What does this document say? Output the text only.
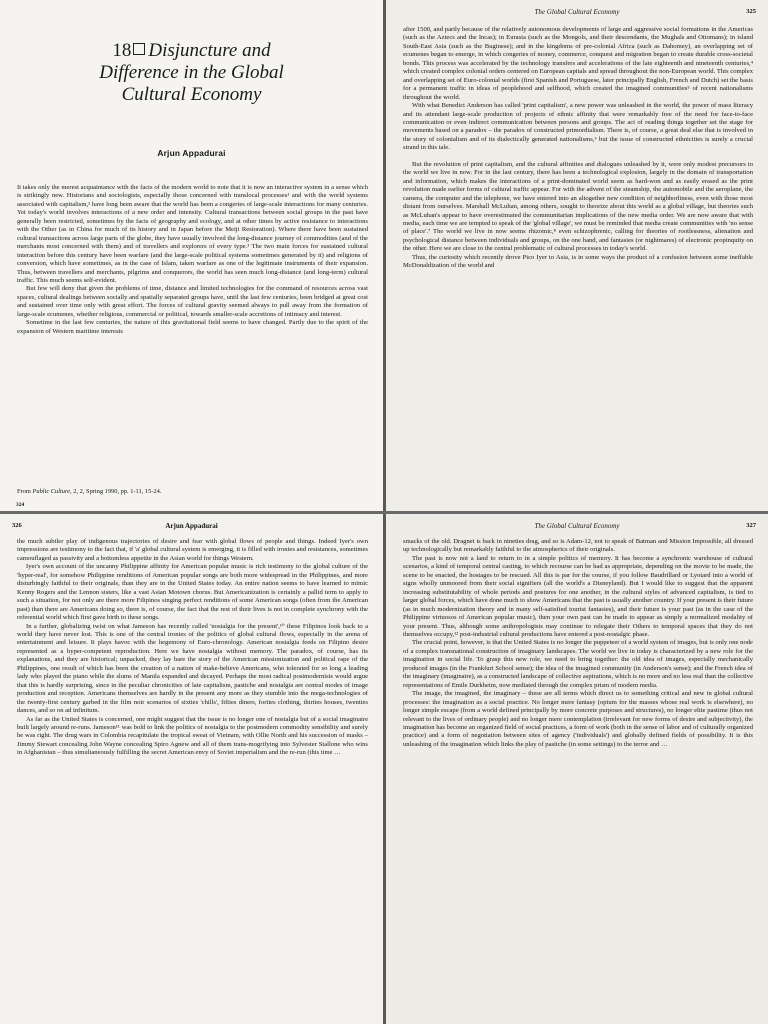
18 Disjuncture and
Difference in the Global
Cultural Economy
Arjun Appadurai

It takes only the merest acquaintance with the facts of the modern world to note that it is now an interactive system in a sense which is strikingly new. Historians and sociologists, especially those concerned with translocal processes¹ and with the world systems associated with capitalism,² have long been aware that the world has been a congeries of large-scale interactions for many centuries. Yet today's world involves interactions of a new order and intensity. Cultural transactions between social groups in the past have generally been restricted, sometimes by the facts of geography and ecology, and at other times by active resistance to interactions with the Other (as in China for much of its history and in Japan before the Meiji Restoration). Where there have been sustained cultural transactions across large parts of the globe, they have usually involved the long-distance journey of commodities (and of the merchants most concerned with them) and of travellers and explorers of every type.³ The two main forces for sustained cultural interaction before this century have been warfare (and the large-scale political systems sometimes generated by it) and religions of conversion, which have sometimes, as in the case of Islam, taken warfare as one of the legitimate instruments of their expansion. Thus, between travellers and merchants, pilgrims and conquerors, the world has seen much long-distance (and long-term) cultural traffic. This much seems self-evident.

But few will deny that given the problems of time, distance and limited technologies for the command of resources across vast spaces, cultural dealings between socially and spatially separated groups have, until the last few centuries, been bridged at great cost and sustained over time only with great effort. The forces of cultural gravity seemed always to pull away from the formation of large-scale ecumenes, whether religious, commercial or political, towards smaller-scale accretions of intimacy and interest.

Sometime in the last few centuries, the nature of this gravitational field seems to have changed. Partly due to the spirit of the expansion of Western maritime interests

From Public Culture, 2, 2, Spring 1990, pp. 1-11, 15-24.
324
The Global Cultural Economy	325

after 1500, and partly because of the relatively autonomous developments of large and aggressive social formations in the Americas (such as the Aztecs and the Incas); in Eurasia (such as the Mongols, and their descendants, the Mughals and Ottomans); in island South-East Asia (such as the Buginese); and in the kingdoms of pre-colonial Africa (such as Dahomey), an overlapping set of ecumenes began to emerge, in which congeries of money, commerce, conquest and migration began to create durable cross-societal bonds. This process was accelerated by the technology transfers and accelerations of the late eighteenth and nineteenth centuries,⁴ which created complex colonial orders centered on European capitals and spread throughout the non-European world. This complex and overlapping set of Euro-colonial worlds (first Spanish and Portuguese, later principally English, French and Dutch) set the basis for a permanent traffic in ideas of peoplehood and selfhood, which created the imagined communities⁵ of recent nationalisms throughout the world.

With what Benedict Anderson has called 'print capitalism', a new power was unleashed in the world, the power of mass literacy and its attendant large-scale production of projects of ethnic affinity that were remarkably free of the need for face-to-face communication or even indirect communication between persons and groups. The act of reading things together set the stage for movements based on a paradox – the paradox of constructed primordialism. There is, of course, a great deal else that is involved in the story of colonialism and of its dialectically generated nationalisms,⁶ but the issue of constructed ethnicities is surely a crucial strand in this tale.

But the revolution of print capitalism, and the cultural affinities and dialogues unleashed by it, were only modest precursors to the world we live in now. For in the last century, there has been a technological explosion, largely in the domain of transportation and information, which makes the interactions of a print-dominated world seem as hard-won and as easily erased as the print revolution made earlier forms of cultural traffic appear. For with the advent of the steamship, the automobile and the aeroplane, the camera, the computer and the telephone, we have entered into an altogether new condition of neighborliness, even with those most distant from ourselves. Marshall McLuhan, among others, sought to theorize about this world as a global village, but theories such as McLuhan's appear to have overestimated the communitarian implications of the new media order. We are now aware that with media, each time we are tempted to speak of the 'global village', we must be reminded that media create communities with 'no sense of place'.⁷ The world we live in now seems rhizomic,⁸ even schizophrenic, calling for theories of rootlessness, alienation and psychological distance between individuals and groups, on the one hand, and fantasies (or nightmares) of electronic propinquity on the other. Here we are close to the central problematic of cultural processes in today's world.

Thus, the curiosity which recently drove Pico Iyer to Asia, is in some ways the product of a confusion between some ineffable McDonaldization of the world and

326	Arjun Appadurai

the much subtler play of indigenous trajectories of desire and fear with global flows of people and things. Indeed Iyer's own impressions are testimony to the fact that, if 'a' global cultural system is emerging, it is filled with ironies and resistances, sometimes camouflaged as passivity and a bottomless appetite in the Asian world for things Western.

Iyer's own account of the uncanny Philippine affinity for American popular music is rich testimony to the global culture of the 'hyper-real', for somehow Philippine renditions of American popular songs are both more widespread in the Philippines, and more disturbingly faithful to their originals, than they are in the United States today. An entire nation seems to have learned to mimic Kenny Rogers and the Lennon sisters, like a vast Asian Motown chorus. But Americanization is certainly a pallid term to apply to such a situation, for not only are there more Filipinos singing perfect renditions of some American songs (often from the American past) than there are Americans doing so, there is, of course, the fact that the rest of their lives is not in complete synchrony with the referential world which first gave birth to these songs.

In a further, globalizing twist on what Jameson has recently called 'nostalgia for the present',¹⁰ these Filipinos look back to a world they have never lost. This is one of the central ironies of the politics of global cultural flows, especially in the arena of entertainment and leisure. It plays havoc with the hegemony of Euro-chronology. American nostalgia feeds on Filipino desire represented as a hyper-competent reproduction. Here we have nostalgia without memory. The paradox, of course, has its explanations, and they are historical; unpacked, they lay bare the story of the American missionization and political rape of the Philippines, one result of which has been the creation of a nation of make-believe Americans, who tolerated for so long a leading lady who played the piano while the slums of Manila expanded and decayed. Perhaps the most radical postmodernists would argue that this is hardly surprising, since in the peculiar chronicities of late capitalism, pastiche and nostalgia are central modes of image production and reception. Americans themselves are hardly in the present any more as they stumble into the mega-technologies of the twenty-first century garbed in the film noir scenarios of sixties 'chills', fifties diners, forties clothing, thirties houses, twenties dances, and so on ad infinitum.

As far as the United States is concerned, one might suggest that the issue is no longer one of nostalgia but of a social imaginaire built largely around re-runs. Jameson¹¹ was bold to link the politics of nostalgia to the postmodern commodity sensibility and surely he was right. The drug wars in Colombia recapitulate the tropical sweat of Vietnam, with Ollie North and his succession of masks – Jimmy Stewart concealing John Wayne concealing Spiro Agnew and all of them trans-mogrifying into Sylvester Stallone who wins in Afghanistan – thus simultaneously fulfilling the secret American envy of Soviet imperialism and the re-run (this time …

The Global Cultural Economy	327

smacks of the old. Dragnet is back in nineties drag, and so is Adam-12, not to speak of Batman and Mission Impossible, all dressed up technologically but remarkably faithful to the atmospherics of their originals.

The past is now not a land to return to in a simple politics of memory. It has become a synchronic warehouse of cultural scenarios, a kind of temporal central casting, to which recourse can be had as appropriate, depending on the movie to be made, the scene to be enacted, the hostages to be rescued. All this is par for the course, if you follow Baudrillard or Lyotard into a world of signs wholly unmoored from their social signifiers (all the world's a Disneyland). But I would like to suggest that the apparent increasing substitutability of whole periods and postures for one another, in the cultural styles of advanced capitalism, is tied to larger global forces, which have done much to show Americans that the past is usually another country. If your present is their future (as in much modernization theory and in many self-satisfied tourist fantasies), and their future is your past (as in the case of the Philippine virtuosos of American popular music), then your own past can be made to appear as simply a normalized modality of your present. Thus, although some anthropologists may continue to relegate their Others to temporal spaces that they do not themselves occupy,¹² post-industrial cultural productions have entered a post-nostalgic phase.

The crucial point, however, is that the United States is no longer the puppeteer of a world system of images, but is only one node of a complex transnational construction of imaginary landscapes. The world we live in today is characterized by a new role for the imagination in social life. To grasp this new role, we need to bring together: the old idea of images, especially mechanically produced images (in the Frankfurt School sense); the idea of the imagined community (in Anderson's sense); and the French idea of the imaginary (imaginaire), as a constructed landscape of collective aspirations, which is no more and no less real than the collective representations of Emile Durkheim, now mediated through the complex prism of modern media.

The image, the imagined, the imaginary – these are all terms which direct us to something critical and new in global cultural processes: the imagination as a social practice. No longer mere fantasy (opium for the masses whose real work is elsewhere), no longer simple escape (from a world defined principally by more concrete purposes and structures), no longer elite pastime (thus not relevant to the lives of ordinary people) and no longer mere contemplation (irrelevant for new forms of desire and subjectivity), the imagination has become an organized field of social practices, a form of work (both in the sense of labor and of culturally organized practice) and a form of negotiation between sites of agency ('individuals') and globally defined fields of possibility. It is this unleashing of the imagination which links the play of pastiche (in some settings) to the terror and …
